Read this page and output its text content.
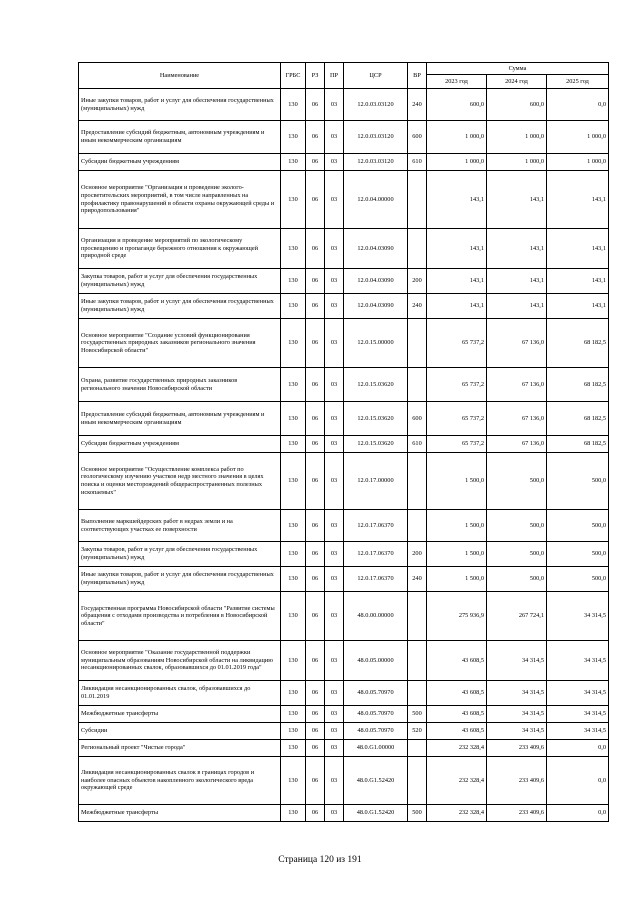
Наименование	ГРБС	РЗ	ПР	ЦСР	ВР	Сумма		
						2023 год	2024 год	2025 год
Иные закупки товаров, работ и услуг для обеспечения государственных (муниципальных) нужд	130	06	03	12.0.03.03120	240	600,0	600,0	0,0
Предоставление субсидий бюджетным, автономным учреждениям и иным некоммерческим организациям	130	06	03	12.0.03.03120	600	1 000,0	1 000,0	1 000,0
Субсидии бюджетным учреждениям	130	06	03	12.0.03.03120	610	1 000,0	1 000,0	1 000,0
Основное мероприятие "Организация и проведение эколого-просветительских мероприятий, в том числе направленных на профилактику правонарушений в области охраны окружающей среды и природопользования"	130	06	03	12.0.04.00000		143,1	143,1	143,1
Организация и проведение мероприятий по экологическому просвещению и пропаганде бережного отношения к окружающей природной среде	130	06	03	12.0.04.03090		143,1	143,1	143,1
Закупка товаров, работ и услуг для обеспечения государственных (муниципальных) нужд	130	06	03	12.0.04.03090	200	143,1	143,1	143,1
Иные закупки товаров, работ и услуг для обеспечения государственных (муниципальных) нужд	130	06	03	12.0.04.03090	240	143,1	143,1	143,1
Основное мероприятие "Создание условий функционирования государственных природных заказников регионального значения Новосибирской области"	130	06	03	12.0.15.00000		65 737,2	67 136,0	68 182,5
Охрана, развитие государственных природных заказников регионального значения Новосибирской области	130	06	03	12.0.15.03620		65 737,2	67 136,0	68 182,5
Предоставление субсидий бюджетным, автономным учреждениям и иным некоммерческим организациям	130	06	03	12.0.15.03620	600	65 737,2	67 136,0	68 182,5
Субсидии бюджетным учреждениям	130	06	03	12.0.15.03620	610	65 737,2	67 136,0	68 182,5
Основное мероприятие "Осуществление комплекса работ по геологическому изучению участков недр местного значения в целях поиска и оценки месторождений общераспространенных полезных ископаемых"	130	06	03	12.0.17.00000		1 500,0	500,0	500,0
Выполнение маркшейдерских работ в недрах земли и на соответствующих участках ее поверхности	130	06	03	12.0.17.06370		1 500,0	500,0	500,0
Закупка товаров, работ и услуг для обеспечения государственных (муниципальных) нужд	130	06	03	12.0.17.06370	200	1 500,0	500,0	500,0
Иные закупки товаров, работ и услуг для обеспечения государственных (муниципальных) нужд	130	06	03	12.0.17.06370	240	1 500,0	500,0	500,0
Государственная программа Новосибирской области "Развитие системы обращения с отходами производства и потребления в Новосибирской области"	130	06	03	48.0.00.00000		275 936,9	267 724,1	34 314,5
Основное мероприятие "Оказание государственной поддержки муниципальным образованиям Новосибирской области на ликвидацию несанкционированных свалок, образовавшихся до 01.01.2019 года"	130	06	03	48.0.05.00000		43 608,5	34 314,5	34 314,5
Ликвидация несанкционированных свалок, образовавшихся до 01.01.2019	130	06	03	48.0.05.70970		43 608,5	34 314,5	34 314,5
Межбюджетные трансферты	130	06	03	48.0.05.70970	500	43 608,5	34 314,5	34 314,5
Субсидии	130	06	03	48.0.05.70970	520	43 608,5	34 314,5	34 314,5
Региональный проект "Чистые города"	130	06	03	48.0.G1.00000		232 328,4	233 409,6	0,0
Ликвидация несанкционированных свалок в границах городов и наиболее опасных объектов накопленного экологического вреда окружающей среде	130	06	03	48.0.G1.52420		232 328,4	233 409,6	0,0
Межбюджетные трансферты	130	06	03	48.0.G1.52420	500	232 328,4	233 409,6	0,0
Страница 120 из 191
